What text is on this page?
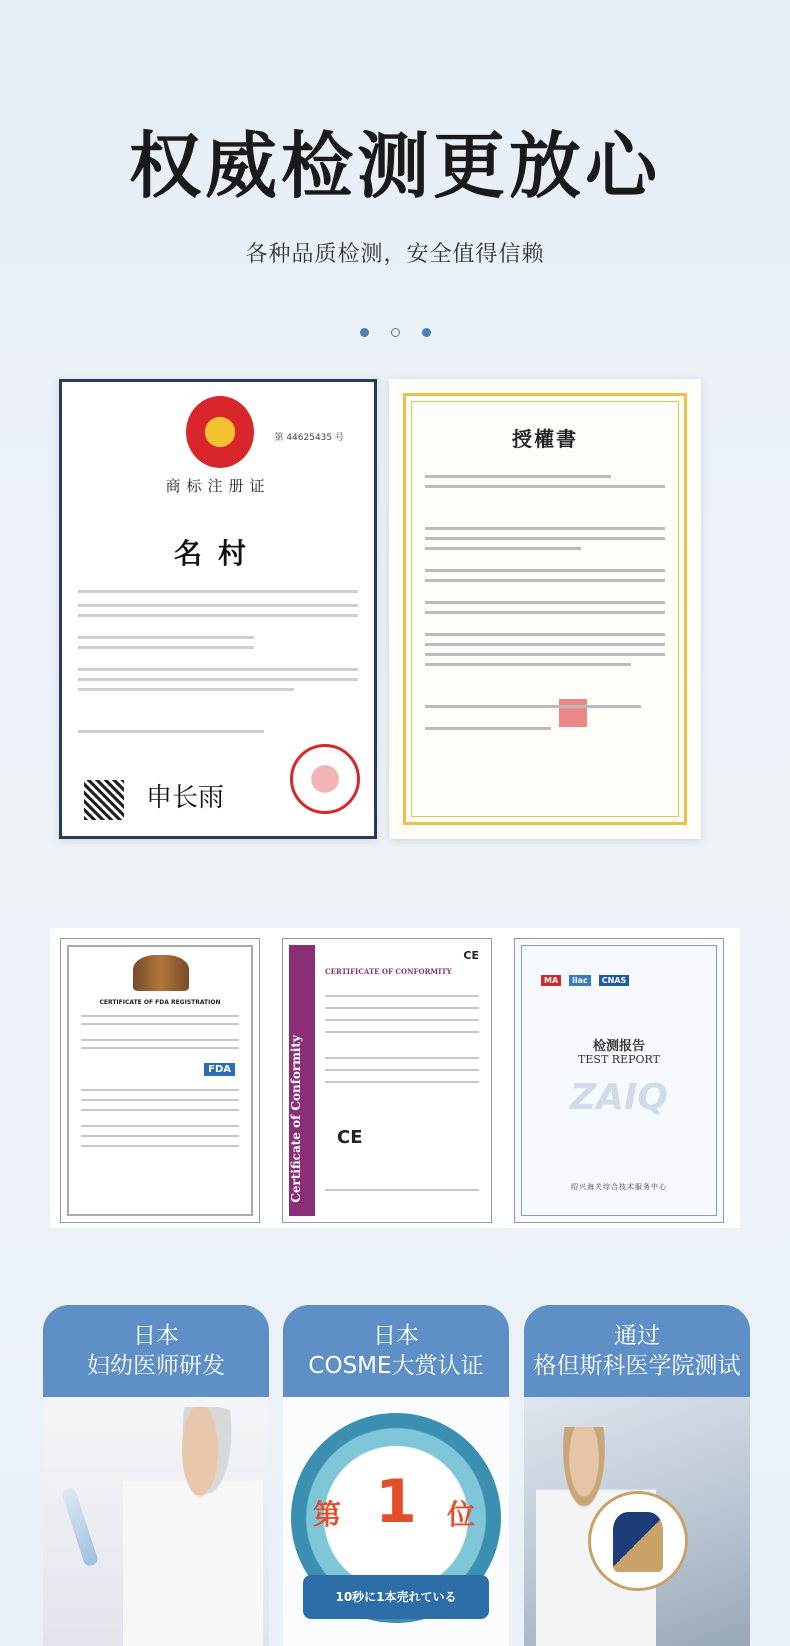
权威检测更放心
各种品质检测，安全值得信赖
第 44625435 号
商标注册证
名村
申长雨
授權書
CERTIFICATE OF FDA REGISTRATION
FDA	Certificate of Conformity
CE
CERTIFICATE OF CONFORMITY
CE
MA	ilac	CNAS
检测报告
TEST REPORT
ZAIQ
绍兴海关综合技术服务中心
日本
妇幼医师研发
日本
COSME大赏认证
第 1	位
10秒に1本売れている
通过
格但斯科医学院测试
